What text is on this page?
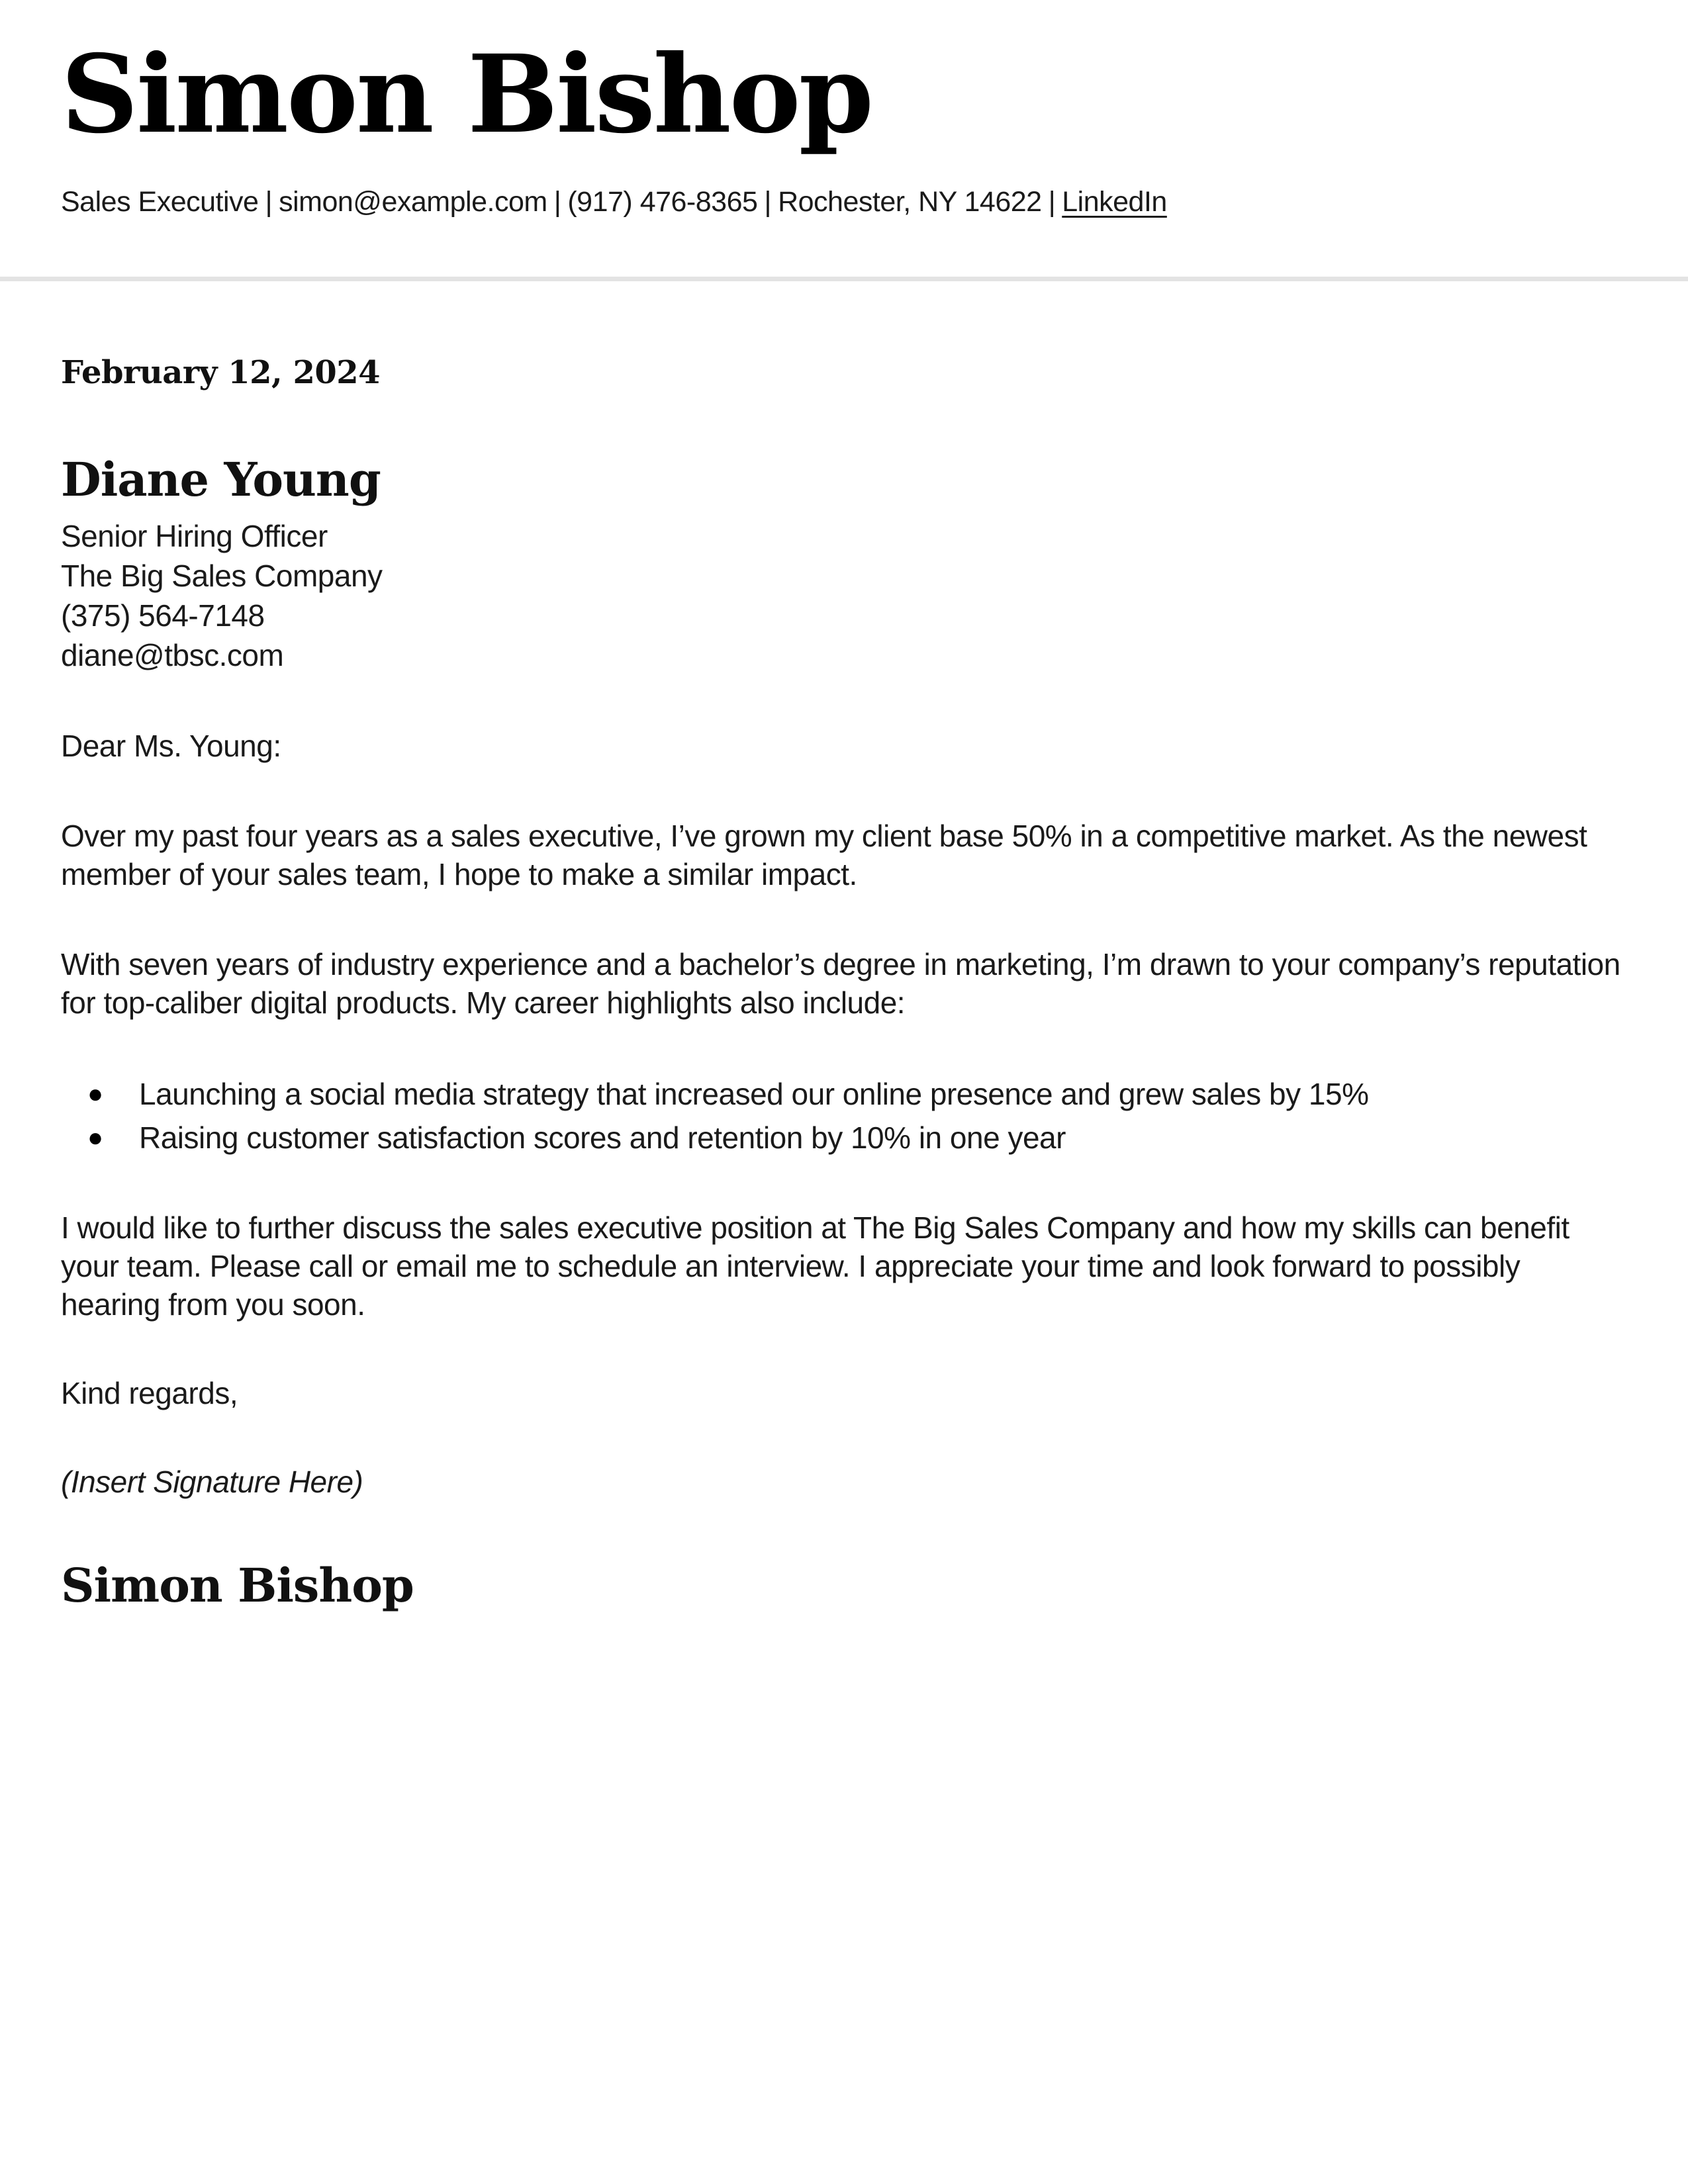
Simon Bishop
Sales Executive | simon@example.com | (917) 476-8365 | Rochester, NY 14622 | LinkedIn
February 12, 2024
Diane Young
Senior Hiring Officer
The Big Sales Company
(375) 564-7148
diane@tbsc.com

Dear Ms. Young:

Over my past four years as a sales executive, I’ve grown my client base 50% in a competitive market. As the newest member of your sales team, I hope to make a similar impact.

With seven years of industry experience and a bachelor’s degree in marketing, I’m drawn to your company’s reputation for top-caliber digital products. My career highlights also include:

●	Launching a social media strategy that increased our online presence and grew sales by 15%
●	Raising customer satisfaction scores and retention by 10% in one year

I would like to further discuss the sales executive position at The Big Sales Company and how my skills can benefit your team. Please call or email me to schedule an interview. I appreciate your time and look forward to possibly hearing from you soon.

Kind regards,

(Insert Signature Here)

Simon Bishop
